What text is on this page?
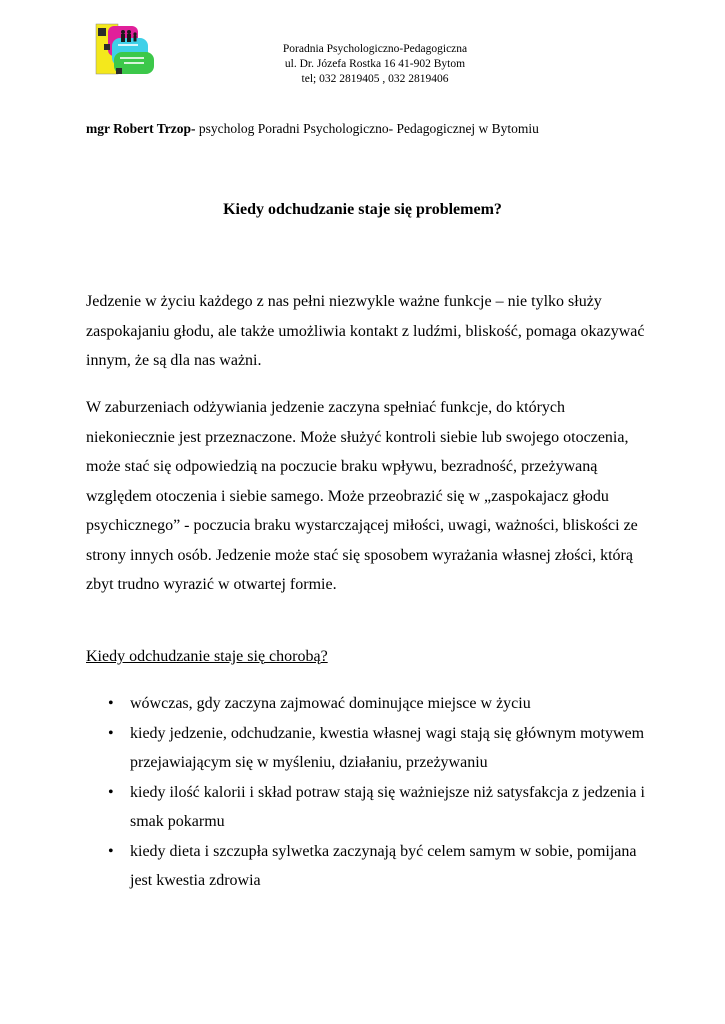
Poradnia Psychologiczno-Pedagogiczna
ul. Dr. Józefa Rostka 16 41-902 Bytom
tel; 032 2819405 , 032 2819406
mgr Robert Trzop- psycholog Poradni Psychologiczno- Pedagogicznej w Bytomiu
Kiedy odchudzanie staje się problemem?

Jedzenie w życiu każdego z nas pełni niezwykle ważne funkcje – nie tylko służy zaspokajaniu głodu, ale także umożliwia kontakt z ludźmi, bliskość, pomaga okazywać innym, że są dla nas ważni.

W zaburzeniach odżywiania jedzenie zaczyna spełniać funkcje, do których niekoniecznie jest przeznaczone. Może służyć kontroli siebie lub swojego otoczenia, może stać się odpowiedzią na poczucie braku wpływu, bezradność, przeżywaną względem otoczenia i siebie samego. Może przeobrazić się w „zaspokajacz głodu psychicznego” - poczucia braku wystarczającej miłości, uwagi, ważności, bliskości ze strony innych osób. Jedzenie może stać się sposobem wyrażania własnej złości, którą zbyt trudno wyrazić w otwartej formie.

Kiedy odchudzanie staje się chorobą?
• wówczas, gdy zaczyna zajmować dominujące miejsce w życiu
• kiedy jedzenie, odchudzanie, kwestia własnej wagi stają się głównym motywem przejawiającym się w myśleniu, działaniu, przeżywaniu
• kiedy ilość kalorii i skład potraw stają się ważniejsze niż satysfakcja z jedzenia i smak pokarmu
• kiedy dieta i szczupła sylwetka zaczynają być celem samym w sobie, pomijana jest kwestia zdrowia
